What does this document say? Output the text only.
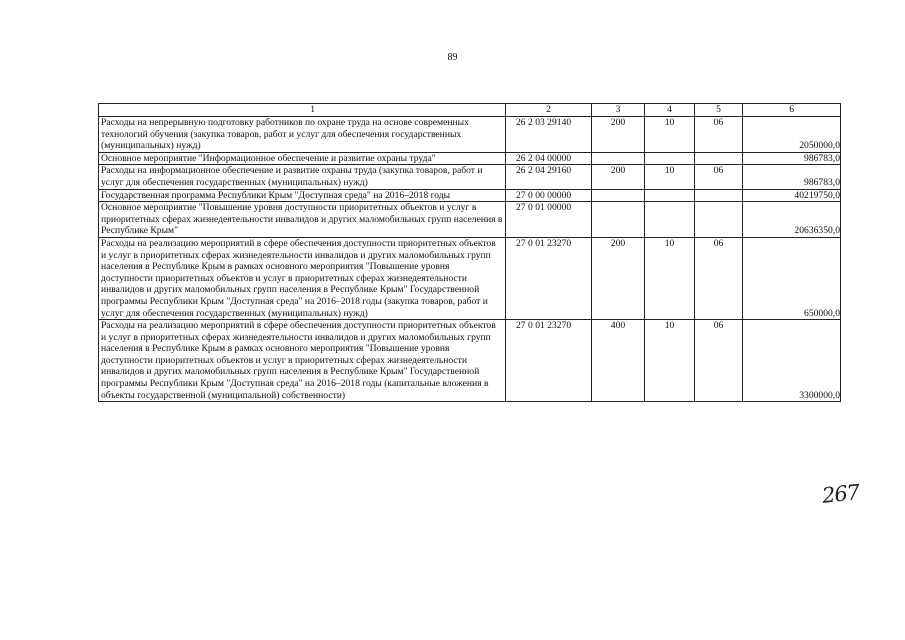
89
1	2	3	4	5	6
Расходы на непрерывную подготовку работников по охране труда на основе современных технологий обучения (закупка товаров, работ и услуг для обеспечения государственных (муниципальных) нужд)	26 2 03 29140	200	10	06	2050000,0
Основное мероприятие "Информационное обеспечение и развитие охраны труда"	26 2 04 00000				986783,0
Расходы на информационное обеспечение и развитие охраны труда (закупка товаров, работ и услуг для обеспечения государственных (муниципальных) нужд)	26 2 04 29160	200	10	06	986783,0
Государственная программа Республики Крым "Доступная среда" на 2016–2018 годы	27 0 00 00000				40219750,0
Основное мероприятие "Повышение уровня доступности приоритетных объектов и услуг в приоритетных сферах жизнедеятельности инвалидов и других маломобильных групп населения в Республике Крым"	27 0 01 00000				20636350,0
Расходы на реализацию мероприятий в сфере обеспечения доступности приоритетных объектов и услуг в приоритетных сферах жизнедеятельности инвалидов и других маломобильных групп населения в Республике Крым в рамках основного мероприятия "Повышение уровня доступности приоритетных объектов и услуг в приоритетных сферах жизнедеятельности инвалидов и других маломобильных групп населения в Республике Крым" Государственной программы Республики Крым "Доступная среда" на 2016–2018 годы (закупка товаров, работ и услуг для обеспечения государственных (муниципальных) нужд)	27 0 01 23270	200	10	06	650000,0
Расходы на реализацию мероприятий в сфере обеспечения доступности приоритетных объектов и услуг в приоритетных сферах жизнедеятельности инвалидов и других маломобильных групп населения в Республике Крым в рамках основного мероприятия "Повышение уровня доступности приоритетных объектов и услуг в приоритетных сферах жизнедеятельности инвалидов и других маломобильных групп населения в Республике Крым" Государственной программы Республики Крым "Доступная среда" на 2016–2018 годы (капитальные вложения в объекты государственной (муниципальной) собственности)	27 0 01 23270	400	10	06	3300000,0
267
